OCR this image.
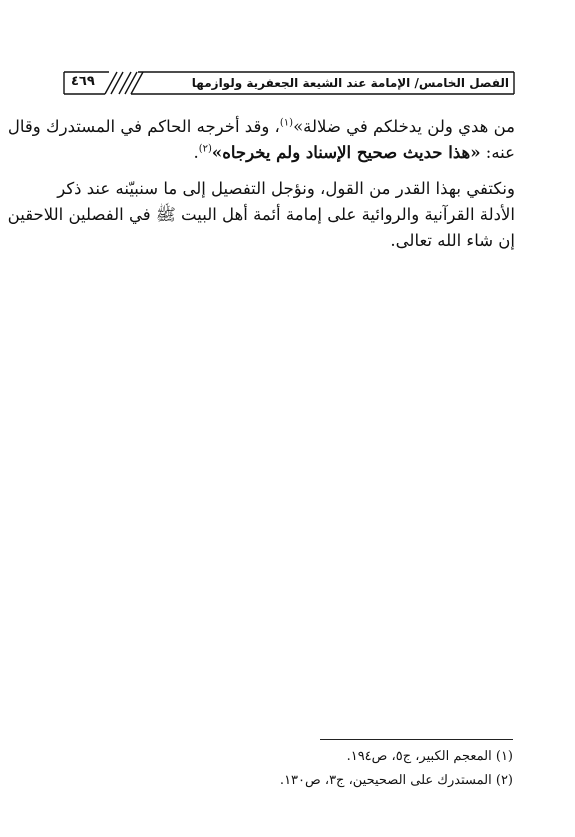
٤٦٩	الفصل الخامس/ الإمامة عند الشيعة الجعفرية ولوازمها

من هدي ولن يدخلكم في ضلالة»$^{(١)}$، وقد أخرجه الحاكم في المستدرك وقال
عنه: «هذا حديث صحيح الإسناد ولم يخرجاه»$^{(٢)}$.

ونكتفي بهذا القدر من القول، ونؤجل التفصيل إلى ما سنبيّنه عند ذكر
الأدلة القرآنية والروائية على إمامة أئمة أهل البيت ﷺ في الفصلين اللاحقين
إن شاء الله تعالى.

(١) المعجم الكبير، ج٥، ص١٩٤.
(٢) المستدرك على الصحيحين، ج٣، ص١٣٠.
